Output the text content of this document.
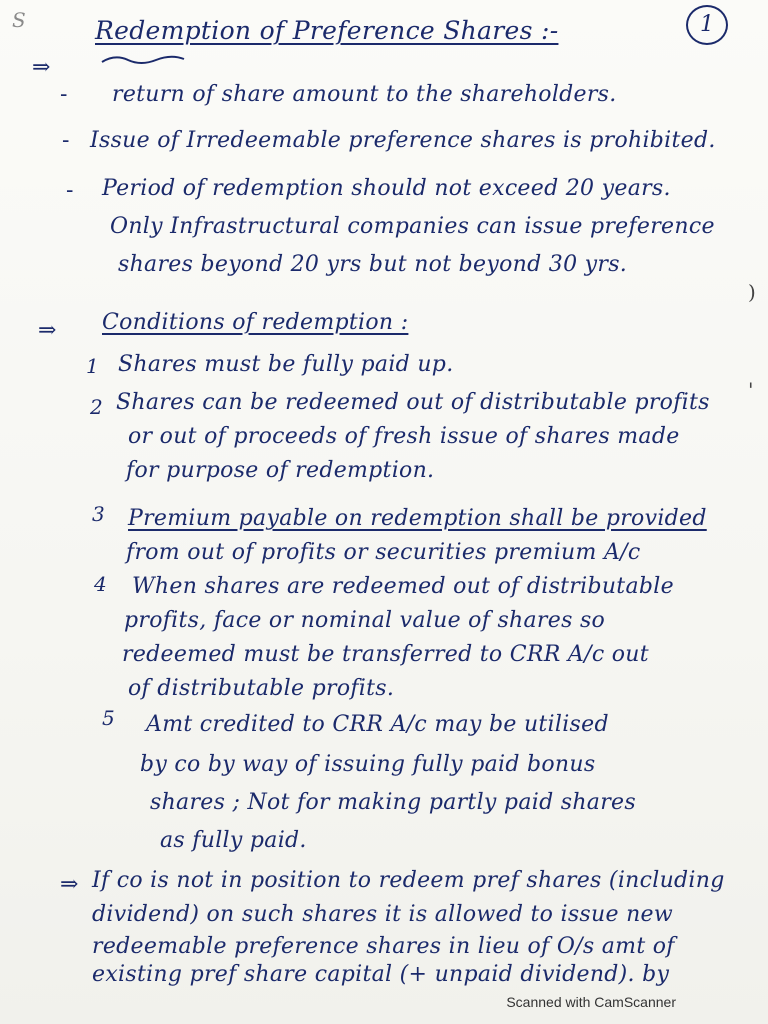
S	1
Redemption of Preference Shares :-
⇒
- return of share amount to the shareholders.
- Issue of Irredeemable preference shares is prohibited.
- Period of redemption should not exceed 20 years.
Only Infrastructural companies can issue preference
shares beyond 20 yrs but not beyond 30 yrs.
)
⇒ Conditions of redemption :
1 Shares must be fully paid up.
2 Shares can be redeemed out of distributable profits
or out of proceeds of fresh issue of shares made
for purpose of redemption.
'
3 Premium payable on redemption shall be provided
from out of profits or securities premium A/c
4 When shares are redeemed out of distributable
profits, face or nominal value of shares so
redeemed must be transferred to CRR A/c out
of distributable profits.
5 Amt credited to CRR A/c may be utilised
by co by way of issuing fully paid bonus
shares ; Not for making partly paid shares
as fully paid.
⇒ If co is not in position to redeem pref shares (including
dividend) on such shares it is allowed to issue new
redeemable preference shares in lieu of O/s amt of
existing pref share capital (+ unpaid dividend). by
Scanned with CamScanner
